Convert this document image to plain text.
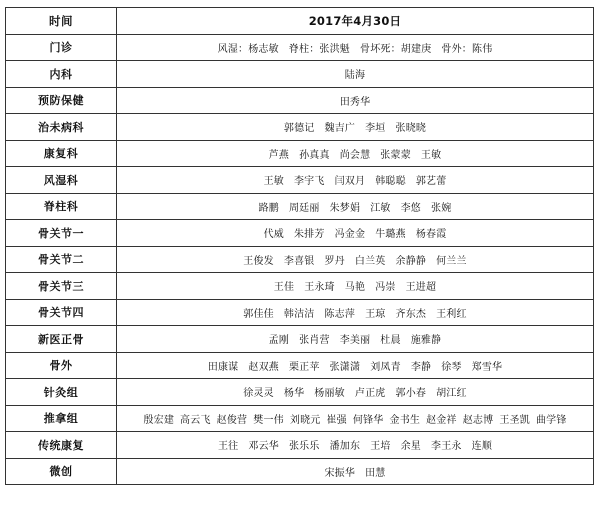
时间	2017年4月30日
门诊	风湿：杨志敏 脊柱：张洪魁 骨坏死：胡建庚 骨外：陈伟
内科	陆海
预防保健	田秀华
治未病科	郭德记 魏吉广 李垣 张晓晓
康复科	芦燕 孙真真 尚会慧 张蒙蒙 王敏
风湿科	王敏 李宇飞 闫双月 韩聪聪 郭艺蕾
脊柱科	路鹏 周廷丽 朱梦娟 江敏 李悠 张婉
骨关节一	代威 朱排芳 冯金金 牛璐燕 杨春霞
骨关节二	王俊发 李喜银 罗丹 白兰英 余静静 何兰兰
骨关节三	王佳 王永琦 马艳 冯崇 王进超
骨关节四	郭佳佳 韩洁洁 陈志萍 王琼 齐东杰 王利红
新医正骨	孟刚 张肖营 李美丽 杜晨 施雅静
骨外	田康谋 赵双燕 栗正苹 张潇潇 刘凤青 李静 徐琴 郑雪华
针灸组	徐灵灵 杨华 杨丽敏 卢正虎 郭小春 胡江红
推拿组	殷宏建 高云飞 赵俊营 樊一伟 刘晓元 崔强 何锋华 金书生 赵金祥 赵志博 王圣凯 曲学锋
传统康复	王往 邓云华 张乐乐 潘加东 王培 余星 李王永 连顺
微创	宋振华 田慧
